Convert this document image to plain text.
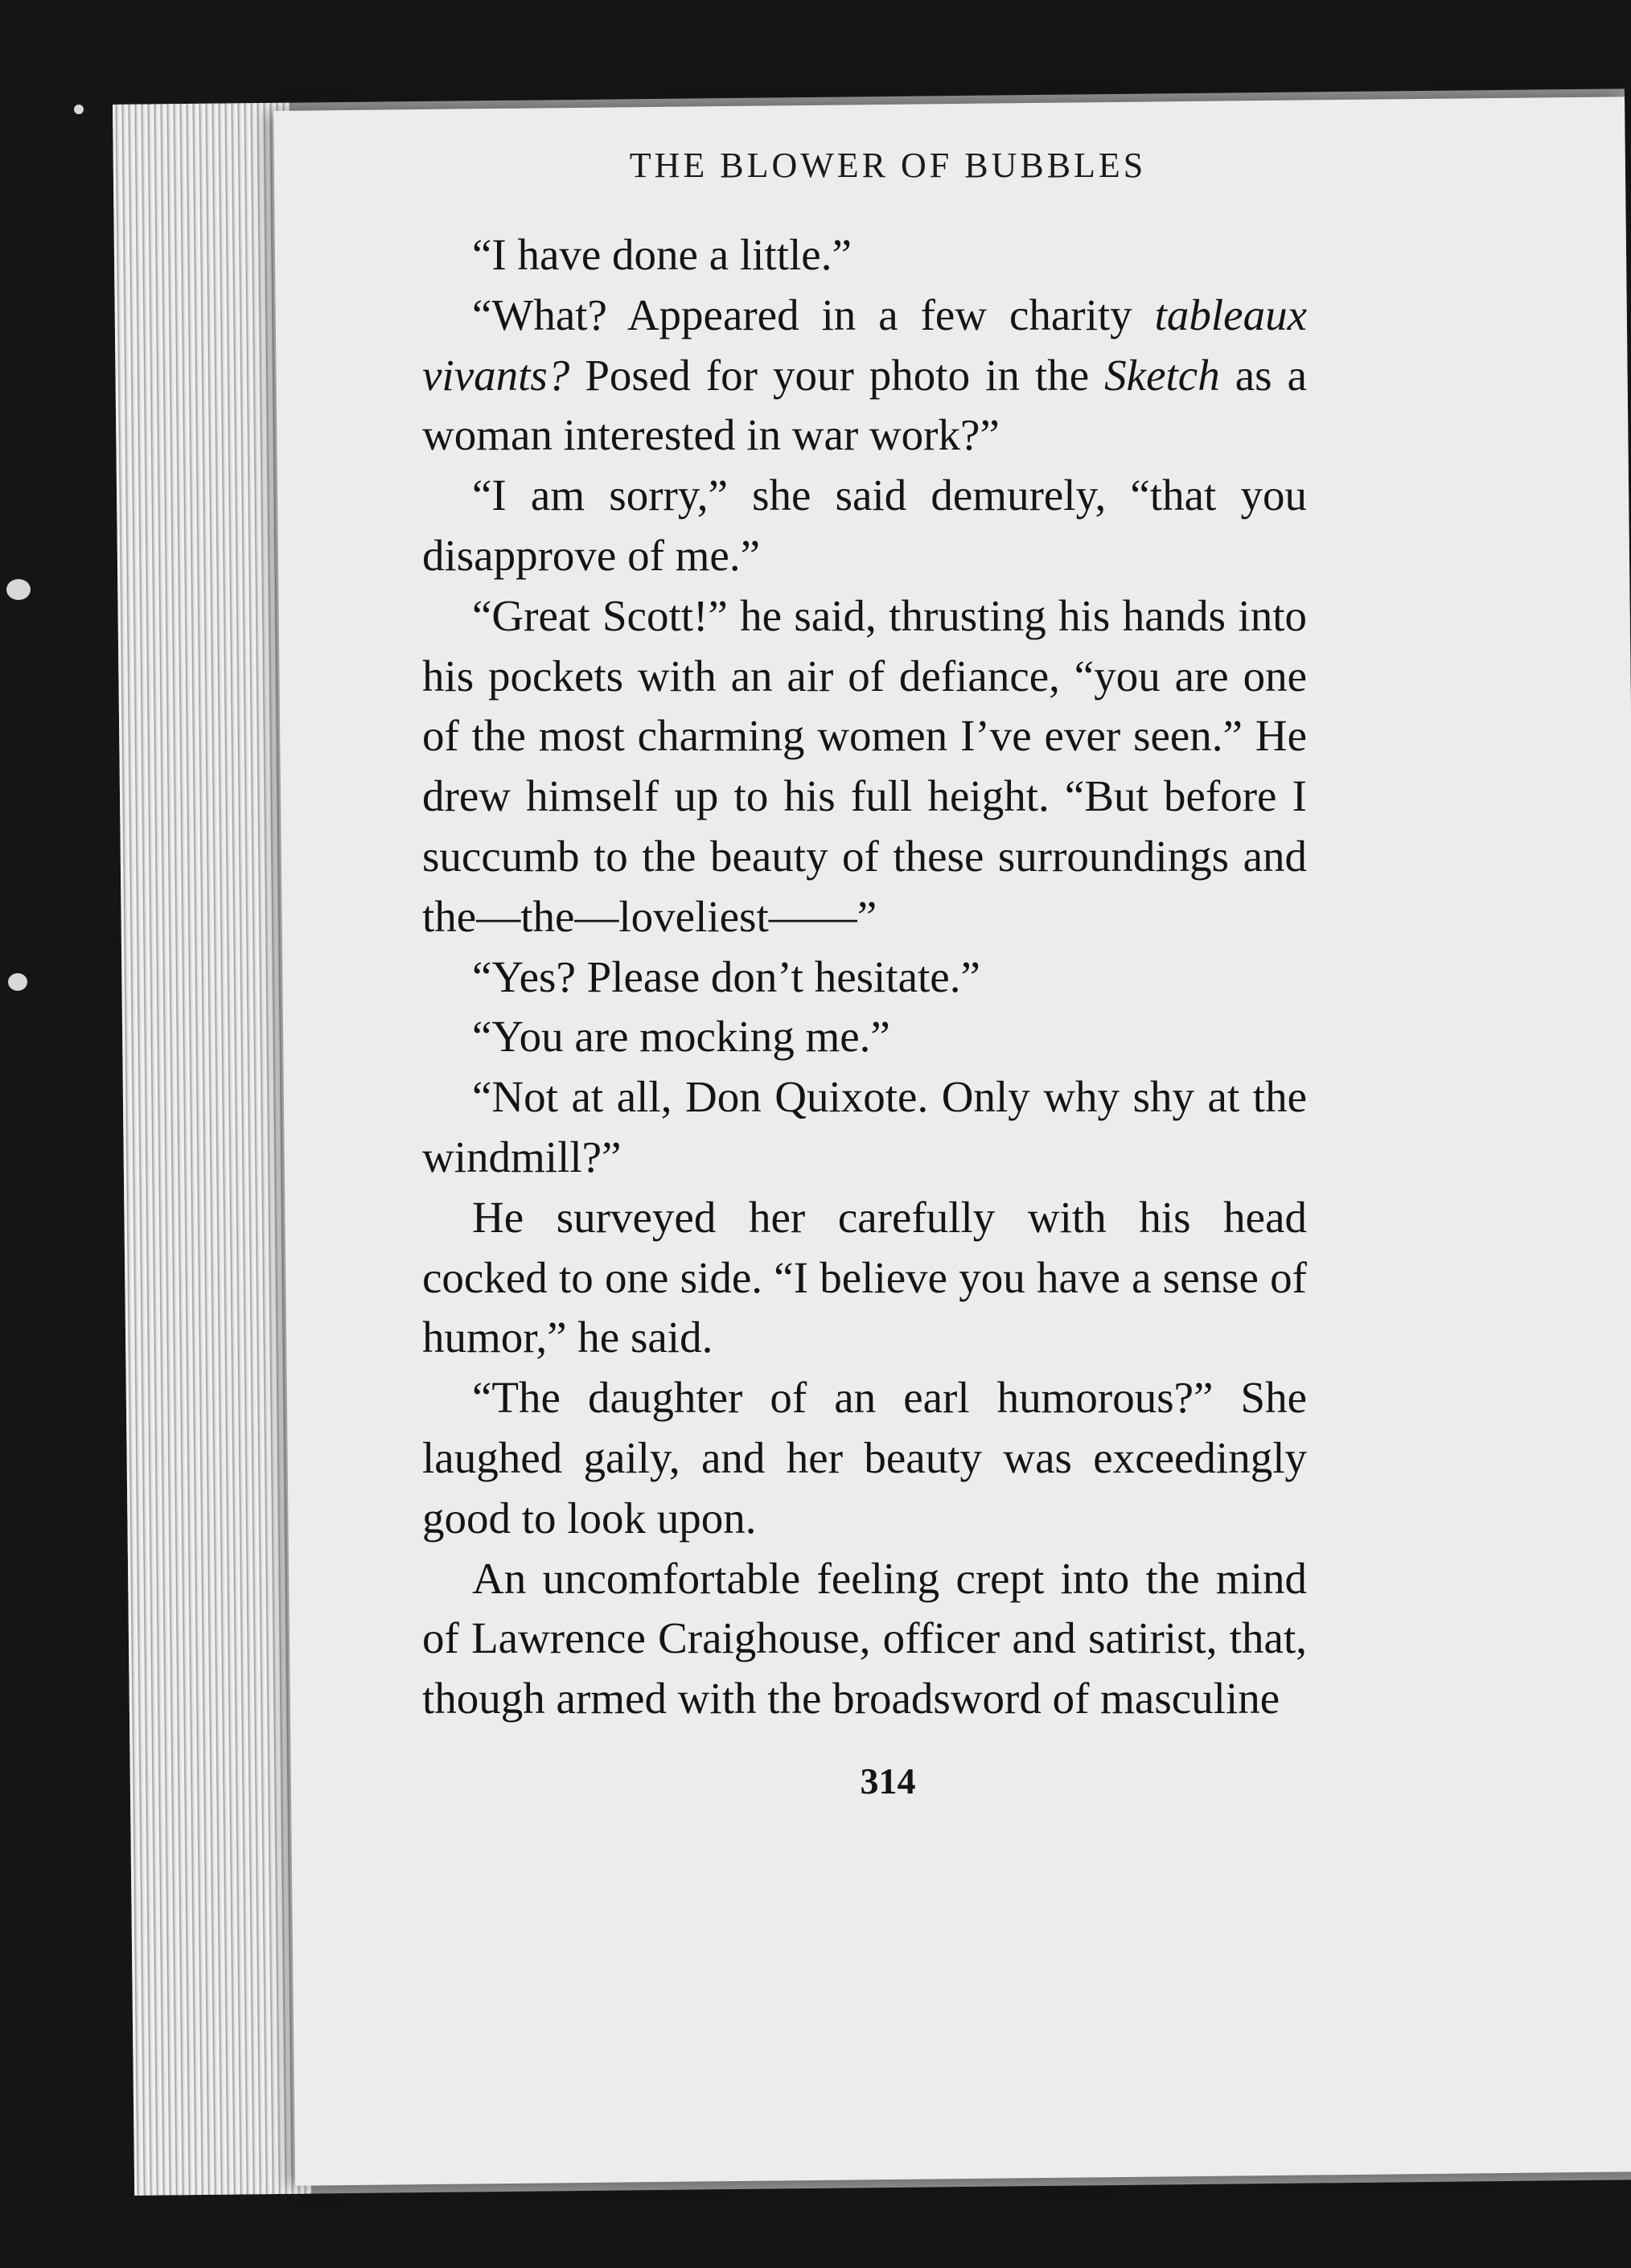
THE BLOWER OF BUBBLES

“I have done a little.”

“What? Appeared in a few charity tableaux vivants? Posed for your photo in the Sketch as a woman interested in war work?”

“I am sorry,” she said demurely, “that you disapprove of me.”

“Great Scott!” he said, thrusting his hands into his pockets with an air of defiance, “you are one of the most charming women I’ve ever seen.” He drew himself up to his full height. “But before I succumb to the beauty of these surroundings and the—the—loveliest——”

“Yes? Please don’t hesitate.”

“You are mocking me.”

“Not at all, Don Quixote. Only why shy at the windmill?”

He surveyed her carefully with his head cocked to one side. “I believe you have a sense of humor,” he said.

“The daughter of an earl humorous?” She laughed gaily, and her beauty was exceedingly good to look upon.

An uncomfortable feeling crept into the mind of Lawrence Craighouse, officer and satirist, that, though armed with the broadsword of masculine

314
